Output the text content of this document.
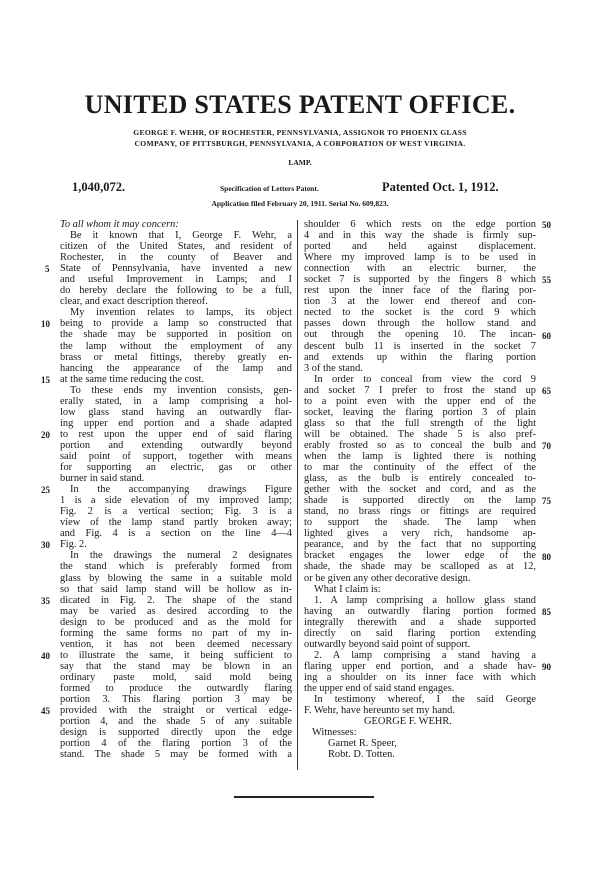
UNITED STATES PATENT OFFICE.
GEORGE F. WEHR, OF ROCHESTER, PENNSYLVANIA, ASSIGNOR TO PHOENIX GLASS
COMPANY, OF PITTSBURGH, PENNSYLVANIA, A CORPORATION OF WEST VIRGINIA.
LAMP.
1,040,072.	Specification of Letters Patent.	Patented Oct. 1, 1912.
Application filed February 20, 1911. Serial No. 609,823.
To all whom it may concern:
Be it known that I, George F. Wehr, a
citizen of the United States, and resident of
Rochester, in the county of Beaver and
State of Pennsylvania, have invented a new
and useful Improvement in Lamps; and I
do hereby declare the following to be a full,
clear, and exact description thereof.
My invention relates to lamps, its object
being to provide a lamp so constructed that
the shade may be supported in position on
the lamp without the employment of any
brass or metal fittings, thereby greatly en-
hancing the appearance of the lamp and
at the same time reducing the cost.
To these ends my invention consists, gen-
erally stated, in a lamp comprising a hol-
low glass stand having an outwardly flar-
ing upper end portion and a shade adapted
to rest upon the upper end of said flaring
portion and extending outwardly beyond
said point of support, together with means
for supporting an electric, gas or other
burner in said stand.
In the accompanying drawings Figure
1 is a side elevation of my improved lamp;
Fig. 2 is a vertical section; Fig. 3 is a
view of the lamp stand partly broken away;
and Fig. 4 is a section on the line 4—4
Fig. 2.
In the drawings the numeral 2 designates
the stand which is preferably formed from
glass by blowing the same in a suitable mold
so that said lamp stand will be hollow as in-
dicated in Fig. 2. The shape of the stand
may be varied as desired according to the
design to be produced and as the mold for
forming the same forms no part of my in-
vention, it has not been deemed necessary
to illustrate the same, it being sufficient to
say that the stand may be blown in an
ordinary paste mold, said mold being
formed to produce the outwardly flaring
portion 3. This flaring portion 3 may be
provided with the straight or vertical edge-
portion 4, and the shade 5 of any suitable
design is supported directly upon the edge
portion 4 of the flaring portion 3 of the
stand. The shade 5 may be formed with a
shoulder 6 which rests on the edge portion
4 and in this way the shade is firmly sup-
ported and held against displacement.
Where my improved lamp is to be used in
connection with an electric burner, the
socket 7 is supported by the fingers 8 which
rest upon the inner face of the flaring por-
tion 3 at the lower end thereof and con-
nected to the socket is the cord 9 which
passes down through the hollow stand and
out through the opening 10. The incan-
descent bulb 11 is inserted in the socket 7
and extends up within the flaring portion
3 of the stand.
In order to conceal from view the cord 9
and socket 7 I prefer to frost the stand up
to a point even with the upper end of the
socket, leaving the flaring portion 3 of plain
glass so that the full strength of the light
will be obtained. The shade 5 is also pref-
erably frosted so as to conceal the bulb and
when the lamp is lighted there is nothing
to mar the continuity of the effect of the
glass, as the bulb is entirely concealed to-
gether with the socket and cord, and as the
shade is supported directly on the lamp
stand, no brass rings or fittings are required
to support the shade. The lamp when
lighted gives a very rich, handsome ap-
pearance, and by the fact that no supporting
bracket engages the lower edge of the
shade, the shade may be scalloped as at 12,
or be given any other decorative design.
What I claim is:
1. A lamp comprising a hollow glass stand
having an outwardly flaring portion formed
integrally therewith and a shade supported
directly on said flaring portion extending
outwardly beyond said point of support.
2. A lamp comprising a stand having a
flaring upper end portion, and a shade hav-
ing a shoulder on its inner face with which
the upper end of said stand engages.
In testimony whereof, I the said George
F. Wehr, have hereunto set my hand.
GEORGE F. WEHR.
Witnesses:
Garnet R. Speer,
Robt. D. Totten.
5
10
15
20
25
30
35
40
45
50
55
60
65
70
75
80
85
90
